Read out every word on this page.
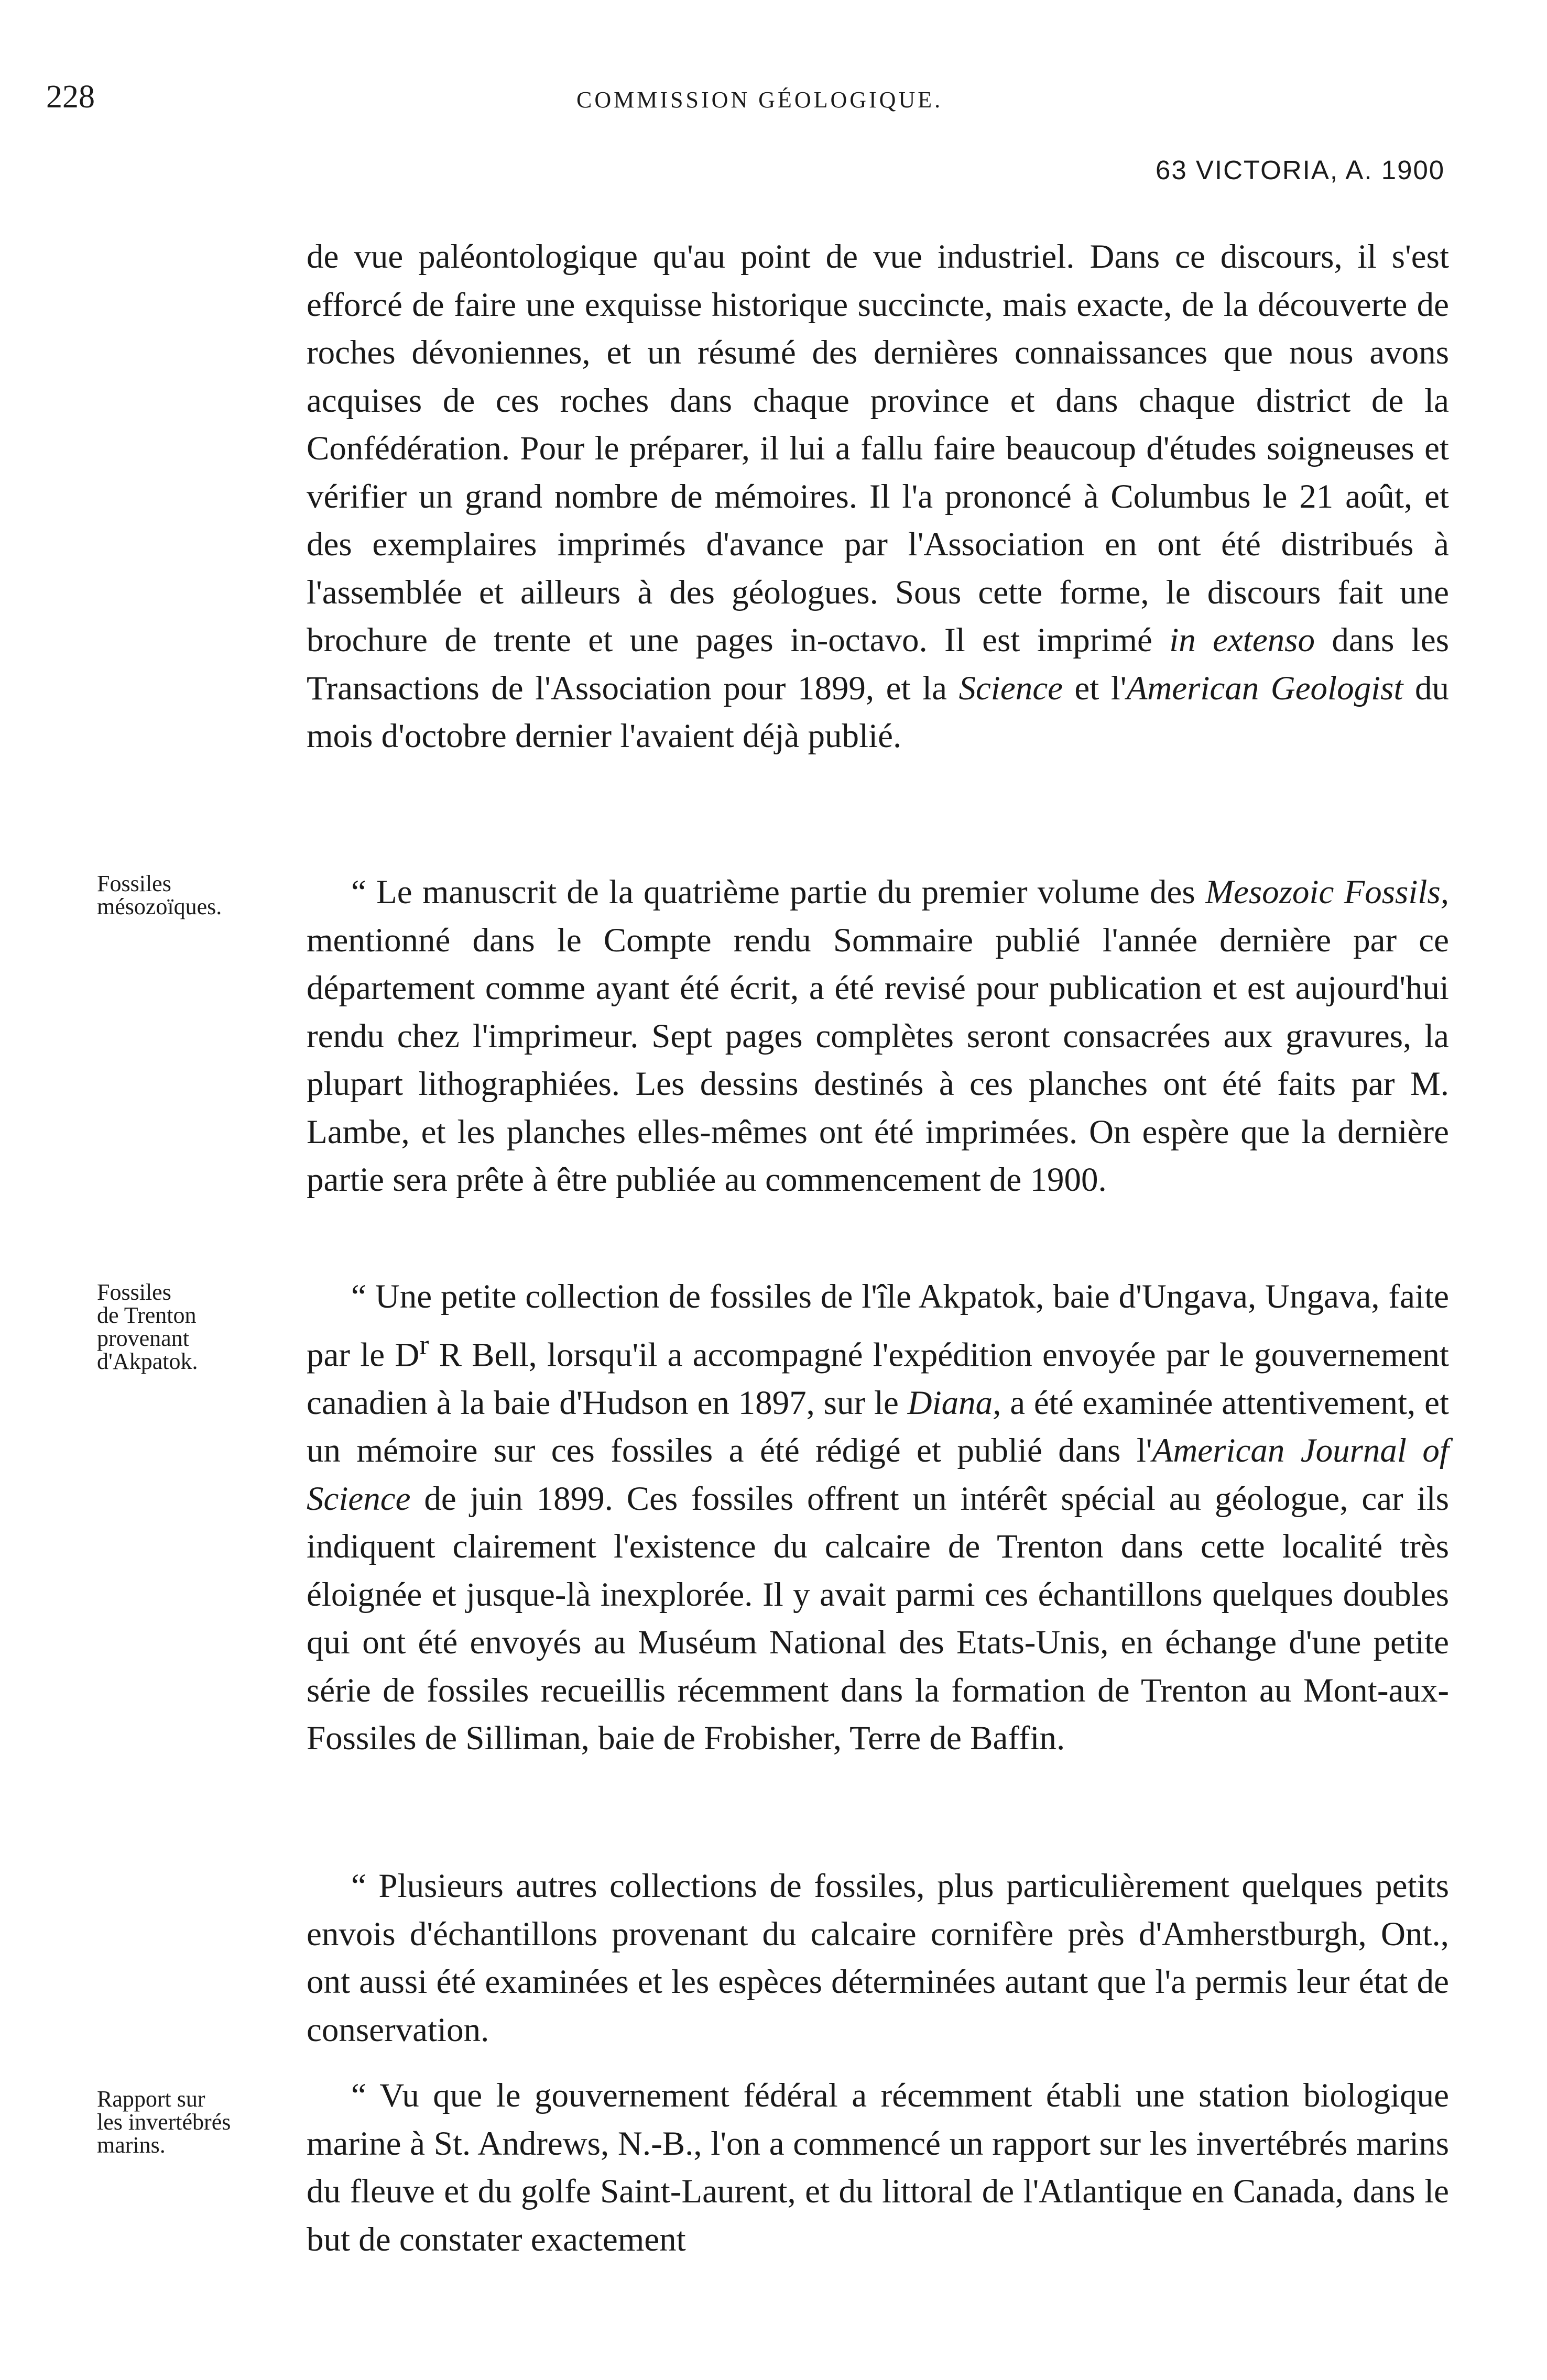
228	COMMISSION GÉOLOGIQUE.
63 VICTORIA, A. 1900

de vue paléontologique qu'au point de vue industriel. Dans ce discours, il s'est efforcé de faire une exquisse historique succincte, mais exacte, de la découverte de roches dévoniennes, et un résumé des dernières connaissances que nous avons acquises de ces roches dans chaque province et dans chaque district de la Confédération. Pour le préparer, il lui a fallu faire beaucoup d'études soigneuses et vérifier un grand nombre de mémoires. Il l'a prononcé à Columbus le 21 août, et des exemplaires imprimés d'avance par l'Association en ont été distribués à l'assemblée et ailleurs à des géologues. Sous cette forme, le discours fait une brochure de trente et une pages in-octavo. Il est imprimé in extenso dans les Transactions de l'Association pour 1899, et la Science et l'American Geologist du mois d'octobre dernier l'avaient déjà publié.

Fossiles
mésozoïques.	“ Le manuscrit de la quatrième partie du premier volume des Mesozoic Fossils, mentionné dans le Compte rendu Sommaire publié l'année dernière par ce département comme ayant été écrit, a été revisé pour publication et est aujourd'hui rendu chez l'imprimeur. Sept pages complètes seront consacrées aux gravures, la plupart lithographiées. Les dessins destinés à ces planches ont été faits par M. Lambe, et les planches elles-mêmes ont été imprimées. On espère que la dernière partie sera prête à être publiée au commencement de 1900.

Fossiles
de Trenton
provenant
d'Akpatok.

“ Une petite collection de fossiles de l'île Akpatok, baie d'Ungava, Ungava, faite par le $D^r$ R Bell, lorsqu'il a accompagné l'expédition envoyée par le gouvernement canadien à la baie d'Hudson en 1897, sur le Diana, a été examinée attentivement, et un mémoire sur ces fossiles a été rédigé et publié dans l'American Journal of Science de juin 1899. Ces fossiles offrent un intérêt spécial au géologue, car ils indiquent clairement l'existence du calcaire de Trenton dans cette localité très éloignée et jusque-là inexplorée. Il y avait parmi ces échantillons quelques doubles qui ont été envoyés au Muséum National des Etats-Unis, en échange d'une petite série de fossiles recueillis récemment dans la formation de Trenton au Mont-aux-Fossiles de Silliman, baie de Frobisher, Terre de Baffin.

“ Plusieurs autres collections de fossiles, plus particulièrement quelques petits envois d'échantillons provenant du calcaire cornifère près d'Amherstburgh, Ont., ont aussi été examinées et les espèces déterminées autant que l'a permis leur état de conservation.

Rapport sur
les invertébrés
marins.

“ Vu que le gouvernement fédéral a récemment établi une station biologique marine à St. Andrews, N.-B., l'on a commencé un rapport sur les invertébrés marins du fleuve et du golfe Saint-Laurent, et du littoral de l'Atlantique en Canada, dans le but de constater exactement
